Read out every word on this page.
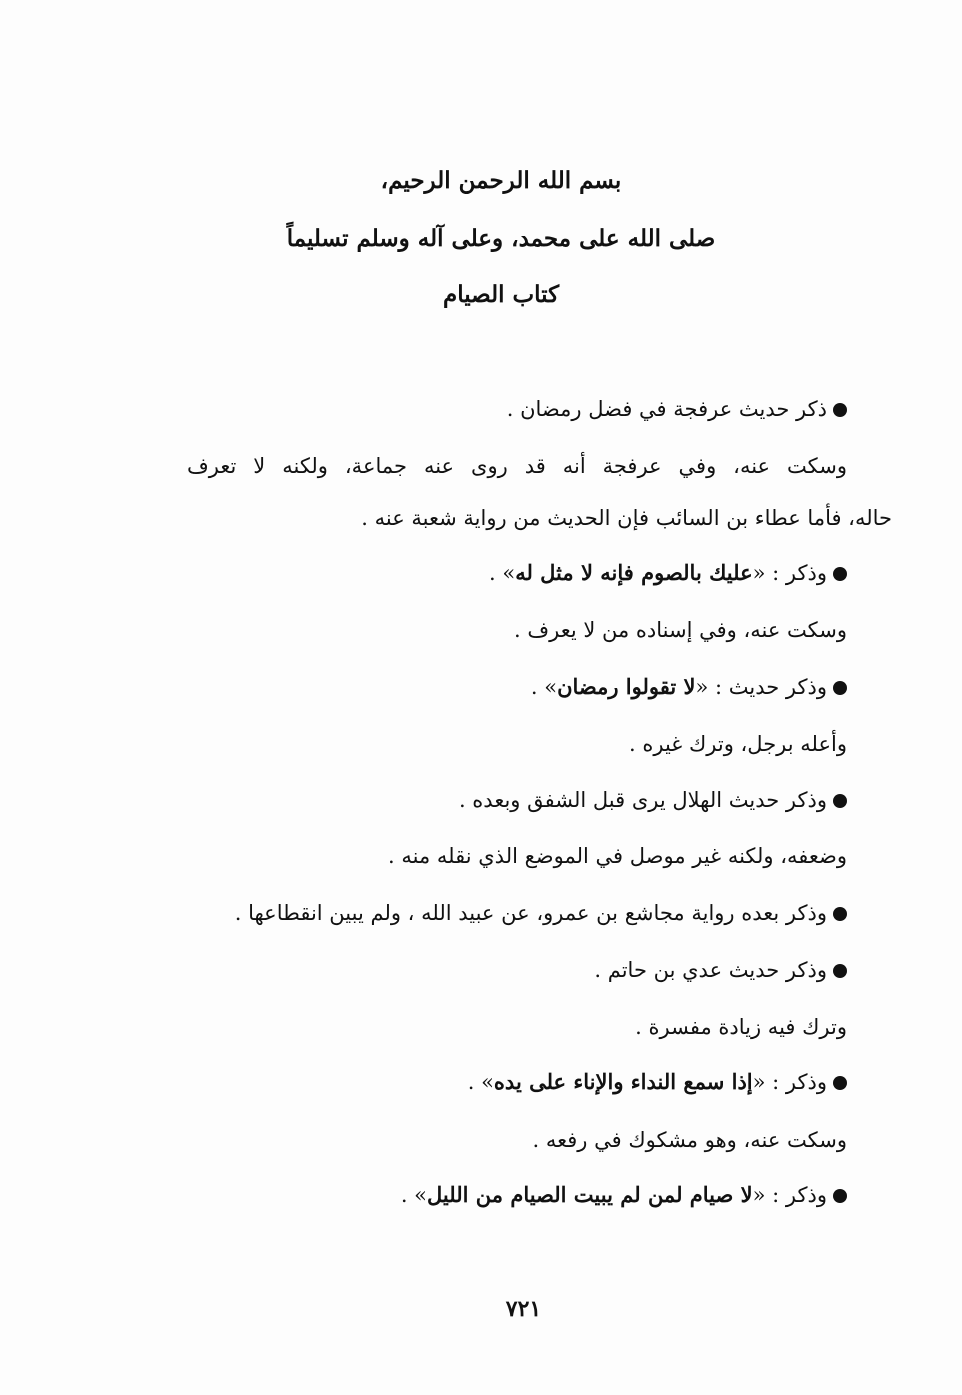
بسم الله الرحمن الرحيم،
صلى الله على محمد، وعلى آله وسلم تسليماً
كتاب الصيام
ذكر حديث عرفجة في فضل رمضان .
وسكت عنه، وفي عرفجة أنه قد روى عنه جماعة، ولكنه لا تعرف
حاله، فأما عطاء بن السائب فإن الحديث من رواية شعبة عنه .
وذكر : «عليك بالصوم فإنه لا مثل له» .
وسكت عنه، وفي إسناده من لا يعرف .
وذكر حديث : «لا تقولوا رمضان» .
وأعله برجل، وترك غيره .
وذكر حديث الهلال يرى قبل الشفق وبعده .
وضعفه، ولكنه غير موصل في الموضع الذي نقله منه .
وذكر بعده رواية مجاشع بن عمرو، عن عبيد الله ، ولم يبين انقطاعها .
وذكر حديث عدي بن حاتم .
وترك فيه زيادة مفسرة .
وذكر : «إذا سمع النداء والإناء على يده» .
وسكت عنه، وهو مشكوك في رفعه .
وذكر : «لا صيام لمن لم يبيت الصيام من الليل» .
٧٢١
